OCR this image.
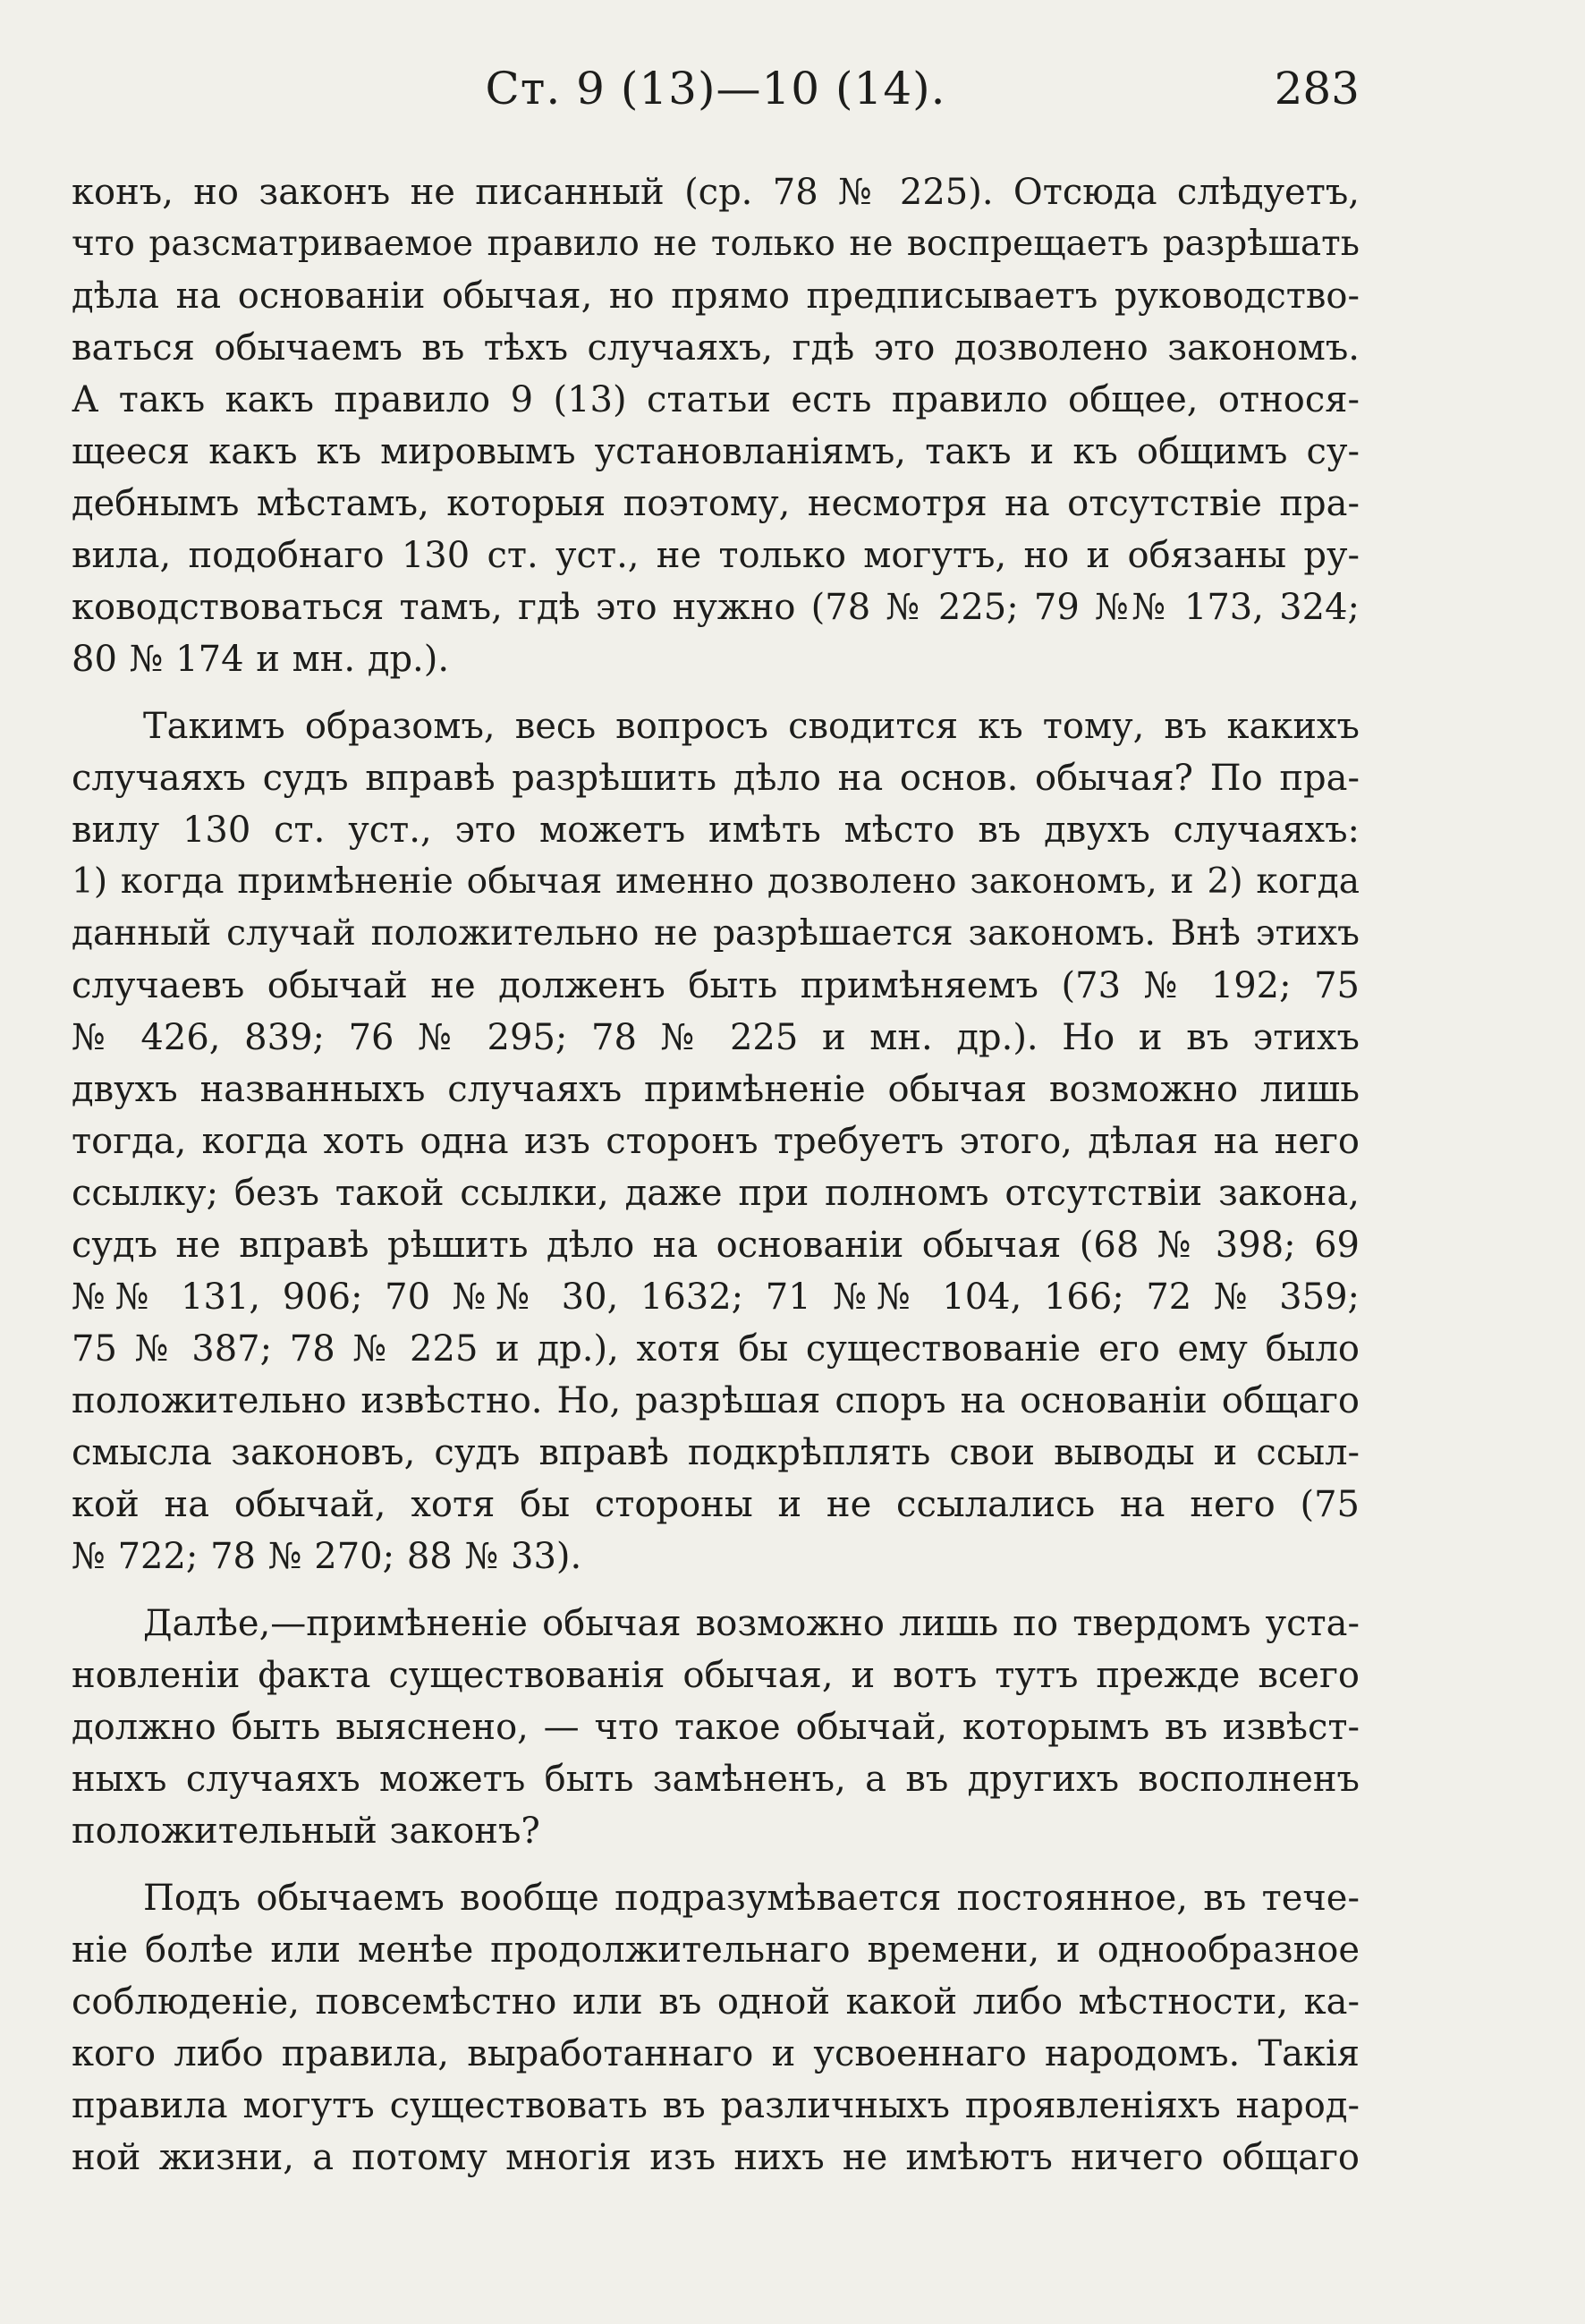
Ст. 9 (13)—10 (14).	283
конъ, но законъ не писанный (ср. 78 № 225). Отсюда слѣдуетъ,
что разсматриваемое правило не только не воспрещаетъ разрѣшать
дѣла на основанiи обычая, но прямо предписываетъ руководство-
ваться обычаемъ въ тѣхъ случаяхъ, гдѣ это дозволено закономъ.
А такъ какъ правило 9 (13) статьи есть правило общее, относя-
щееся какъ къ мировымъ установланiямъ, такъ и къ общимъ су-
дебнымъ мѣстамъ, которыя поэтому, несмотря на отсутствiе пра-
вила, подобнаго 130 ст. уст., не только могутъ, но и обязаны ру-
ководствоваться тамъ, гдѣ это нужно (78 № 225; 79 №№ 173, 324;
80 № 174 и мн. др.).
Такимъ образомъ, весь вопросъ сводится къ тому, въ какихъ
случаяхъ судъ вправѣ разрѣшить дѣло на основ. обычая? По пра-
вилу 130 ст. уст., это можетъ имѣть мѣсто въ двухъ случаяхъ:
1) когда примѣненiе обычая именно дозволено закономъ, и 2) когда
данный случай положительно не разрѣшается закономъ. Внѣ этихъ
случаевъ обычай не долженъ быть примѣняемъ (73 № 192; 75
№ 426, 839; 76 № 295; 78 № 225 и мн. др.). Но и въ этихъ
двухъ названныхъ случаяхъ примѣненiе обычая возможно лишь
тогда, когда хоть одна изъ сторонъ требуетъ этого, дѣлая на него
ссылку; безъ такой ссылки, даже при полномъ отсутствiи закона,
судъ не вправѣ рѣшить дѣло на основанiи обычая (68 № 398; 69
№№ 131, 906; 70 №№ 30, 1632; 71 №№ 104, 166; 72 № 359;
75 № 387; 78 № 225 и др.), хотя бы существованiе его ему было
положительно извѣстно. Но, разрѣшая споръ на основанiи общаго
смысла законовъ, судъ вправѣ подкрѣплять свои выводы и ссыл-
кой на обычай, хотя бы стороны и не ссылались на него (75
№ 722; 78 № 270; 88 № 33).
Далѣе,—примѣненiе обычая возможно лишь по твердомъ уста-
новленiи факта существованiя обычая, и вотъ тутъ прежде всего
должно быть выяснено, — что такое обычай, которымъ въ извѣст-
ныхъ случаяхъ можетъ быть замѣненъ, а въ другихъ восполненъ
положительный законъ?
Подъ обычаемъ вообще подразумѣвается постоянное, въ тече-
нiе болѣе или менѣе продолжительнаго времени, и однообразное
соблюденiе, повсемѣстно или въ одной какой либо мѣстности, ка-
кого либо правила, выработаннаго и усвоеннаго народомъ. Такiя
правила могутъ существовать въ различныхъ проявленiяхъ народ-
ной жизни, а потому многiя изъ нихъ не имѣютъ ничего общаго
